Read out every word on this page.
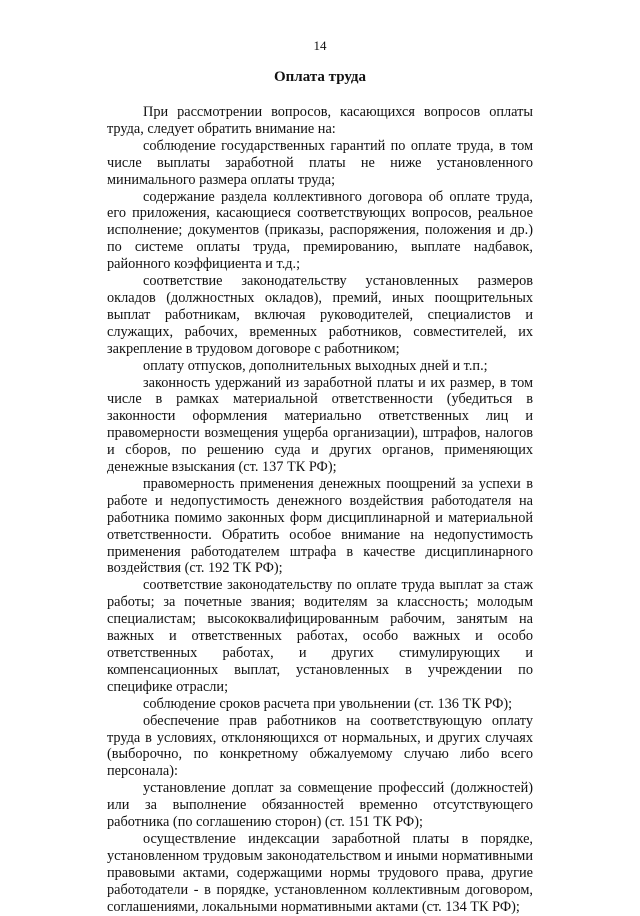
14
Оплата труда

При рассмотрении вопросов, касающихся вопросов оплаты труда, следует обратить внимание на:

соблюдение государственных гарантий по оплате труда, в том числе выплаты заработной платы не ниже установленного минимального размера оплаты труда;

содержание раздела коллективного договора об оплате труда, его приложения, касающиеся соответствующих вопросов, реальное исполнение; документов (приказы, распоряжения, положения и др.) по системе оплаты труда, премированию, выплате надбавок, районного коэффициента и т.д.;

соответствие законодательству установленных размеров окладов (должностных окладов), премий, иных поощрительных выплат работникам, включая руководителей, специалистов и служащих, рабочих, временных работников, совместителей, их закрепление в трудовом договоре с работником;

оплату отпусков, дополнительных выходных дней и т.п.;

законность удержаний из заработной платы и их размер, в том числе в рамках материальной ответственности (убедиться в законности оформления материально ответственных лиц и правомерности возмещения ущерба организации), штрафов, налогов и сборов, по решению суда и других органов, применяющих денежные взыскания (ст. 137 ТК РФ);

правомерность применения денежных поощрений за успехи в работе и недопустимость денежного воздействия работодателя на работника помимо законных форм дисциплинарной и материальной ответственности. Обратить особое внимание на недопустимость применения работодателем штрафа в качестве дисциплинарного воздействия (ст. 192 ТК РФ);

соответствие законодательству по оплате труда выплат за стаж работы; за почетные звания; водителям за классность; молодым специалистам; высококвалифицированным рабочим, занятым на важных и ответственных работах, особо важных и особо ответственных работах, и других стимулирующих и компенсационных выплат, установленных в учреждении по специфике отрасли;

соблюдение сроков расчета при увольнении (ст. 136 ТК РФ);

обеспечение прав работников на соответствующую оплату труда в условиях, отклоняющихся от нормальных, и других случаях (выборочно, по конкретному обжалуемому случаю либо всего персонала):

установление доплат за совмещение профессий (должностей) или за выполнение обязанностей временно отсутствующего работника (по соглашению сторон) (ст. 151 ТК РФ);

осуществление индексации заработной платы в порядке, установленном трудовым законодательством и иными нормативными правовыми актами, содержащими нормы трудового права, другие работодатели - в порядке, установленном коллективным договором, соглашениями, локальными нормативными актами (ст. 134 ТК РФ);
